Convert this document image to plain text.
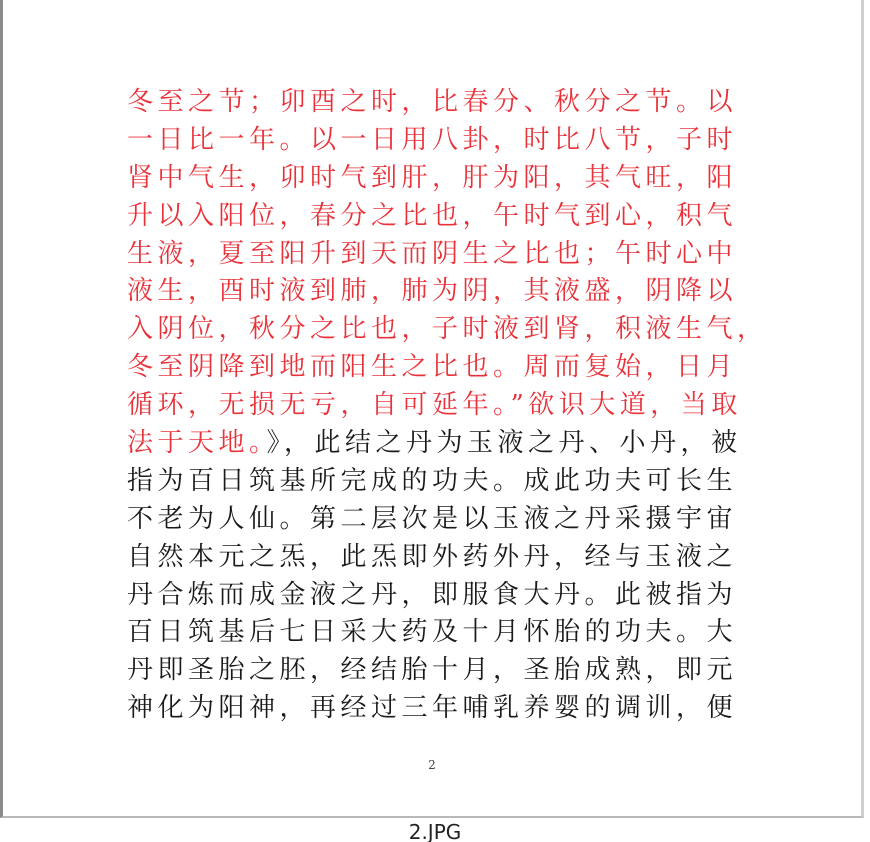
冬至之节；卯酉之时，比春分、秋分之节。以
一日比一年。以一日用八卦，时比八节，子时
肾中气生，卯时气到肝，肝为阳，其气旺，阳
升以入阳位，春分之比也，午时气到心，积气
生液，夏至阳升到天而阴生之比也；午时心中
液生，酉时液到肺，肺为阴，其液盛，阴降以
入阴位，秋分之比也，子时液到肾，积液生气，
冬至阴降到地而阳生之比也。周而复始，日月
循环，无损无亏，自可延年。”欲识大道，当取
法于天地。》，此结之丹为玉液之丹、小丹，被
指为百日筑基所完成的功夫。成此功夫可长生
不老为人仙。第二层次是以玉液之丹采摄宇宙
自然本元之炁，此炁即外药外丹，经与玉液之
丹合炼而成金液之丹，即服食大丹。此被指为
百日筑基后七日采大药及十月怀胎的功夫。大
丹即圣胎之胚，经结胎十月，圣胎成熟，即元
神化为阳神，再经过三年哺乳养婴的调训，便
2
2.JPG
